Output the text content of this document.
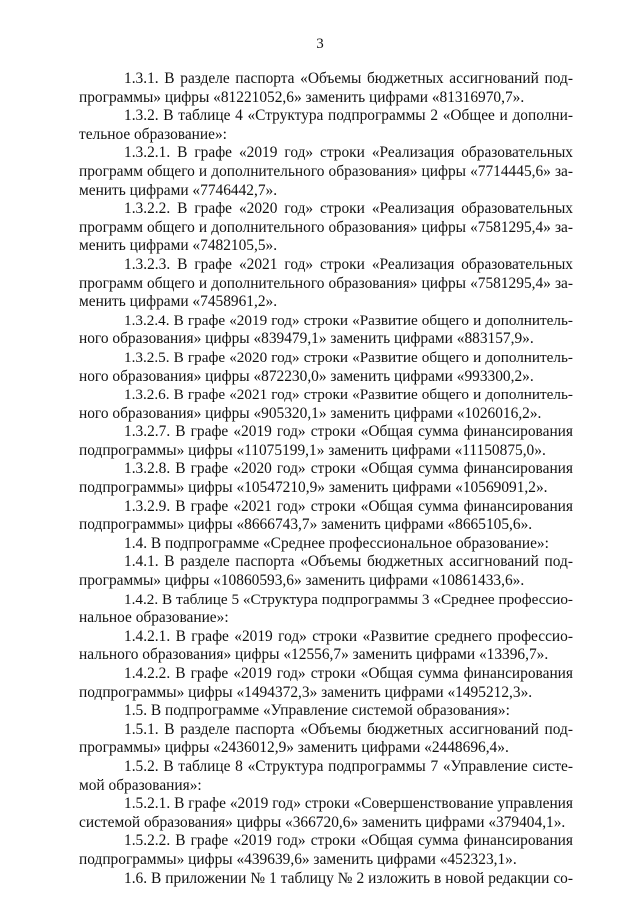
3
1.3.1. В разделе паспорта «Объемы бюджетных ассигнований под-
программы» цифры «81221052,6» заменить цифрами «81316970,7».
1.3.2. В таблице 4 «Структура подпрограммы 2 «Общее и дополни-
тельное образование»:
1.3.2.1. В графе «2019 год» строки «Реализация образовательных
программ общего и дополнительного образования» цифры «7714445,6» за-
менить цифрами «7746442,7».
1.3.2.2. В графе «2020 год» строки «Реализация образовательных
программ общего и дополнительного образования» цифры «7581295,4» за-
менить цифрами «7482105,5».
1.3.2.3. В графе «2021 год» строки «Реализация образовательных
программ общего и дополнительного образования» цифры «7581295,4» за-
менить цифрами «7458961,2».
1.3.2.4. В графе «2019 год» строки «Развитие общего и дополнитель-
ного образования» цифры «839479,1» заменить цифрами «883157,9».
1.3.2.5. В графе «2020 год» строки «Развитие общего и дополнитель-
ного образования» цифры «872230,0» заменить цифрами «993300,2».
1.3.2.6. В графе «2021 год» строки «Развитие общего и дополнитель-
ного образования» цифры «905320,1» заменить цифрами «1026016,2».
1.3.2.7. В графе «2019 год» строки «Общая сумма финансирования
подпрограммы» цифры «11075199,1» заменить цифрами «11150875,0».
1.3.2.8. В графе «2020 год» строки «Общая сумма финансирования
подпрограммы» цифры «10547210,9» заменить цифрами «10569091,2».
1.3.2.9. В графе «2021 год» строки «Общая сумма финансирования
подпрограммы» цифры «8666743,7» заменить цифрами «8665105,6».
1.4. В подпрограмме «Среднее профессиональное образование»:
1.4.1. В разделе паспорта «Объемы бюджетных ассигнований под-
программы» цифры «10860593,6» заменить цифрами «10861433,6».
1.4.2. В таблице 5 «Структура подпрограммы 3 «Среднее профессио-
нальное образование»:
1.4.2.1. В графе «2019 год» строки «Развитие среднего профессио-
нального образования» цифры «12556,7» заменить цифрами «13396,7».
1.4.2.2. В графе «2019 год» строки «Общая сумма финансирования
подпрограммы» цифры «1494372,3» заменить цифрами «1495212,3».
1.5. В подпрограмме «Управление системой образования»:
1.5.1. В разделе паспорта «Объемы бюджетных ассигнований под-
программы» цифры «2436012,9» заменить цифрами «2448696,4».
1.5.2. В таблице 8 «Структура подпрограммы 7 «Управление систе-
мой образования»:
1.5.2.1. В графе «2019 год» строки «Совершенствование управления
системой образования» цифры «366720,6» заменить цифрами «379404,1».
1.5.2.2. В графе «2019 год» строки «Общая сумма финансирования
подпрограммы» цифры «439639,6» заменить цифрами «452323,1».
1.6. В приложении № 1 таблицу № 2 изложить в новой редакции со-
